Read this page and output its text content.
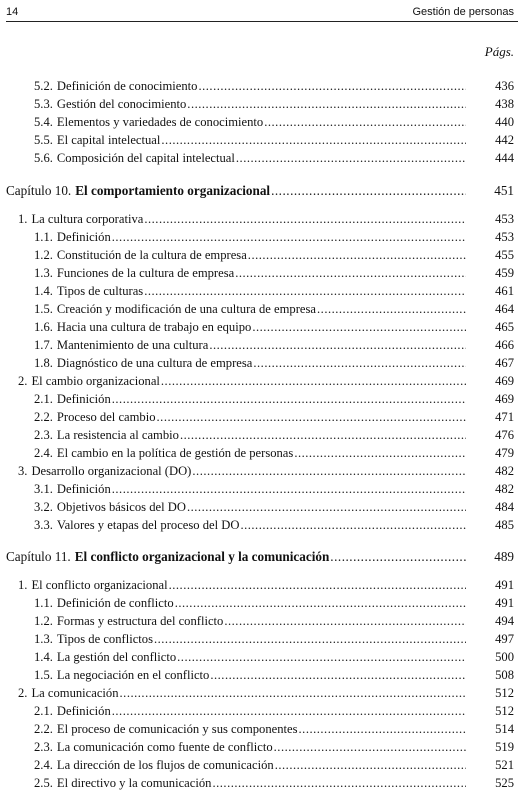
14	Gestión de personas
Págs.
5.2. Definición de conocimiento .....	436
5.3. Gestión del conocimiento .....	438
5.4. Elementos y variedades de conocimiento .....	440
5.5. El capital intelectual .....	442
5.6. Composición del capital intelectual .....	444
Capítulo 10. El comportamiento organizacional .....	451
1. La cultura corporativa .....	453
1.1. Definición .....	453
1.2. Constitución de la cultura de empresa .....	455
1.3. Funciones de la cultura de empresa .....	459
1.4. Tipos de culturas .....	461
1.5. Creación y modificación de una cultura de empresa .....	464
1.6. Hacia una cultura de trabajo en equipo .....	465
1.7. Mantenimiento de una cultura .....	466
1.8. Diagnóstico de una cultura de empresa .....	467
2. El cambio organizacional .....	469
2.1. Definición .....	469
2.2. Proceso del cambio .....	471
2.3. La resistencia al cambio .....	476
2.4. El cambio en la política de gestión de personas .....	479
3. Desarrollo organizacional (DO) .....	482
3.1. Definición .....	482
3.2. Objetivos básicos del DO .....	484
3.3. Valores y etapas del proceso del DO .....	485
Capítulo 11. El conflicto organizacional y la comunicación .....	489
1. El conflicto organizacional .....	491
1.1. Definición de conflicto .....	491
1.2. Formas y estructura del conflicto .....	494
1.3. Tipos de conflictos .....	497
1.4. La gestión del conflicto .....	500
1.5. La negociación en el conflicto .....	508
2. La comunicación .....	512
2.1. Definición .....	512
2.2. El proceso de comunicación y sus componentes .....	514
2.3. La comunicación como fuente de conflicto .....	519
2.4. La dirección de los flujos de comunicación .....	521
2.5. El directivo y la comunicación .....	525
